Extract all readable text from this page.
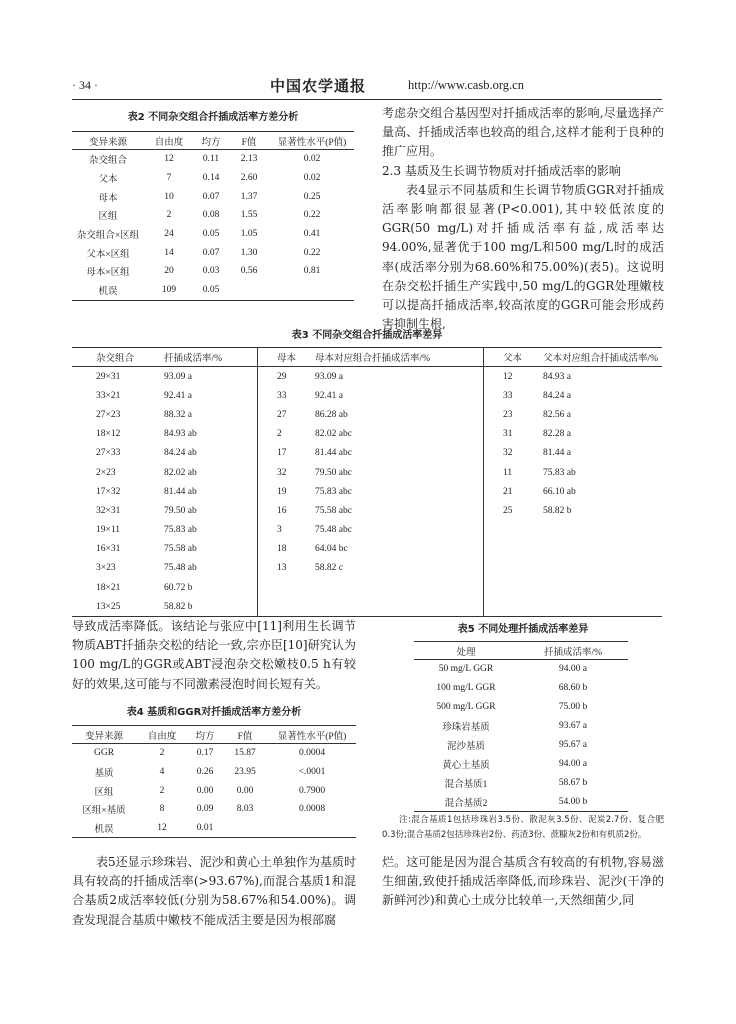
· 34 ·	中国农学通报	http://www.casb.org.cn
表2 不同杂交组合扦插成活率方差分析
变异来源	自由度	均方	F值	显著性水平(P值)
杂交组合	12	0.11	2.13	0.02
父本	7	0.14	2.60	0.02
母本	10	0.07	1.37	0.25
区组	2	0.08	1.55	0.22
杂交组合×区组	24	0.05	1.05	0.41
父本×区组	14	0.07	1.30	0.22
母本×区组	20	0.03	0.56	0.81
机误	109	0.05		

考虑杂交组合基因型对扦插成活率的影响,尽量选择产量高、扦插成活率也较高的组合,这样才能利于良种的推广应用。

2.3 基质及生长调节物质对扦插成活率的影响

表4显示不同基质和生长调节物质GGR对扦插成活率影响都很显著(P<0.001),其中较低浓度的GGR(50 mg/L)对扦插成活率有益,成活率达94.00%,显著优于100 mg/L和500 mg/L时的成活率(成活率分别为68.60%和75.00%)(表5)。这说明在杂交松扦插生产实践中,50 mg/L的GGR处理嫩枝可以提高扦插成活率,较高浓度的GGR可能会形成药害抑制生根,

表3 不同杂交组合扦插成活率差异
杂交组合	扦插成活率/%	母本	母本对应组合扦插成活率/%	父本	父本对应组合扦插成活率/%
29×31	93.09 a	29	93.09 a	12	84.93 a
33×21	92.41 a	33	92.41 a	33	84.24 a
27×23	88.32 a	27	86.28 ab	23	82.56 a
18×12	84.93 ab	2	82.02 abc	31	82.28 a
27×33	84.24 ab	17	81.44 abc	32	81.44 a
2×23	82.02 ab	32	79.50 abc	11	75.83 ab
17×32	81.44 ab	19	75.83 abc	21	66.10 ab
32×31	79.50 ab	16	75.58 abc	25	58.82 b
19×11	75.83 ab	3	75.48 abc		
16×31	75.58 ab	18	64.04 bc		
3×23	75.48 ab	13	58.82 c		
18×21	60.72 b				
13×25	58.82 b				

导致成活率降低。该结论与张应中[11]利用生长调节物质ABT扦插杂交松的结论一致,宗亦臣[10]研究认为100 mg/L的GGR或ABT浸泡杂交松嫩枝0.5 h有较好的效果,这可能与不同激素浸泡时间长短有关。

表4 基质和GGR对扦插成活率方差分析
变异来源	自由度	均方	F值	显著性水平(P值)
GGR	2	0.17	15.87	0.0004
基质	4	0.26	23.95	<.0001
区组	2	0.00	0.00	0.7900
区组×基质	8	0.09	8.03	0.0008
机误	12	0.01		
表5 不同处理扦插成活率差异
处理	扦插成活率/%
50 mg/L GGR	94.00 a
100 mg/L GGR	68.60 b
500 mg/L GGR	75.00 b
珍珠岩基质	93.67 a
泥沙基质	95.67 a
黄心土基质	94.00 a
混合基质1	58.67 b
混合基质2	54.00 b
注:混合基质1包括珍珠岩3.5份、散泥灰3.5份、泥炭2.7份、复合肥0.3份;混合基质2包括珍珠岩2份、药渣3份、蔗糠灰2份和有机质2份。

表5还显示珍珠岩、泥沙和黄心土单独作为基质时具有较高的扦插成活率(>93.67%),而混合基质1和混合基质2成活率较低(分别为58.67%和54.00%)。调查发现混合基质中嫩枝不能成活主要是因为根部腐

烂。这可能是因为混合基质含有较高的有机物,容易滋生细菌,致使扦插成活率降低,而珍珠岩、泥沙(干净的新鲜河沙)和黄心土成分比较单一,天然细菌少,同
